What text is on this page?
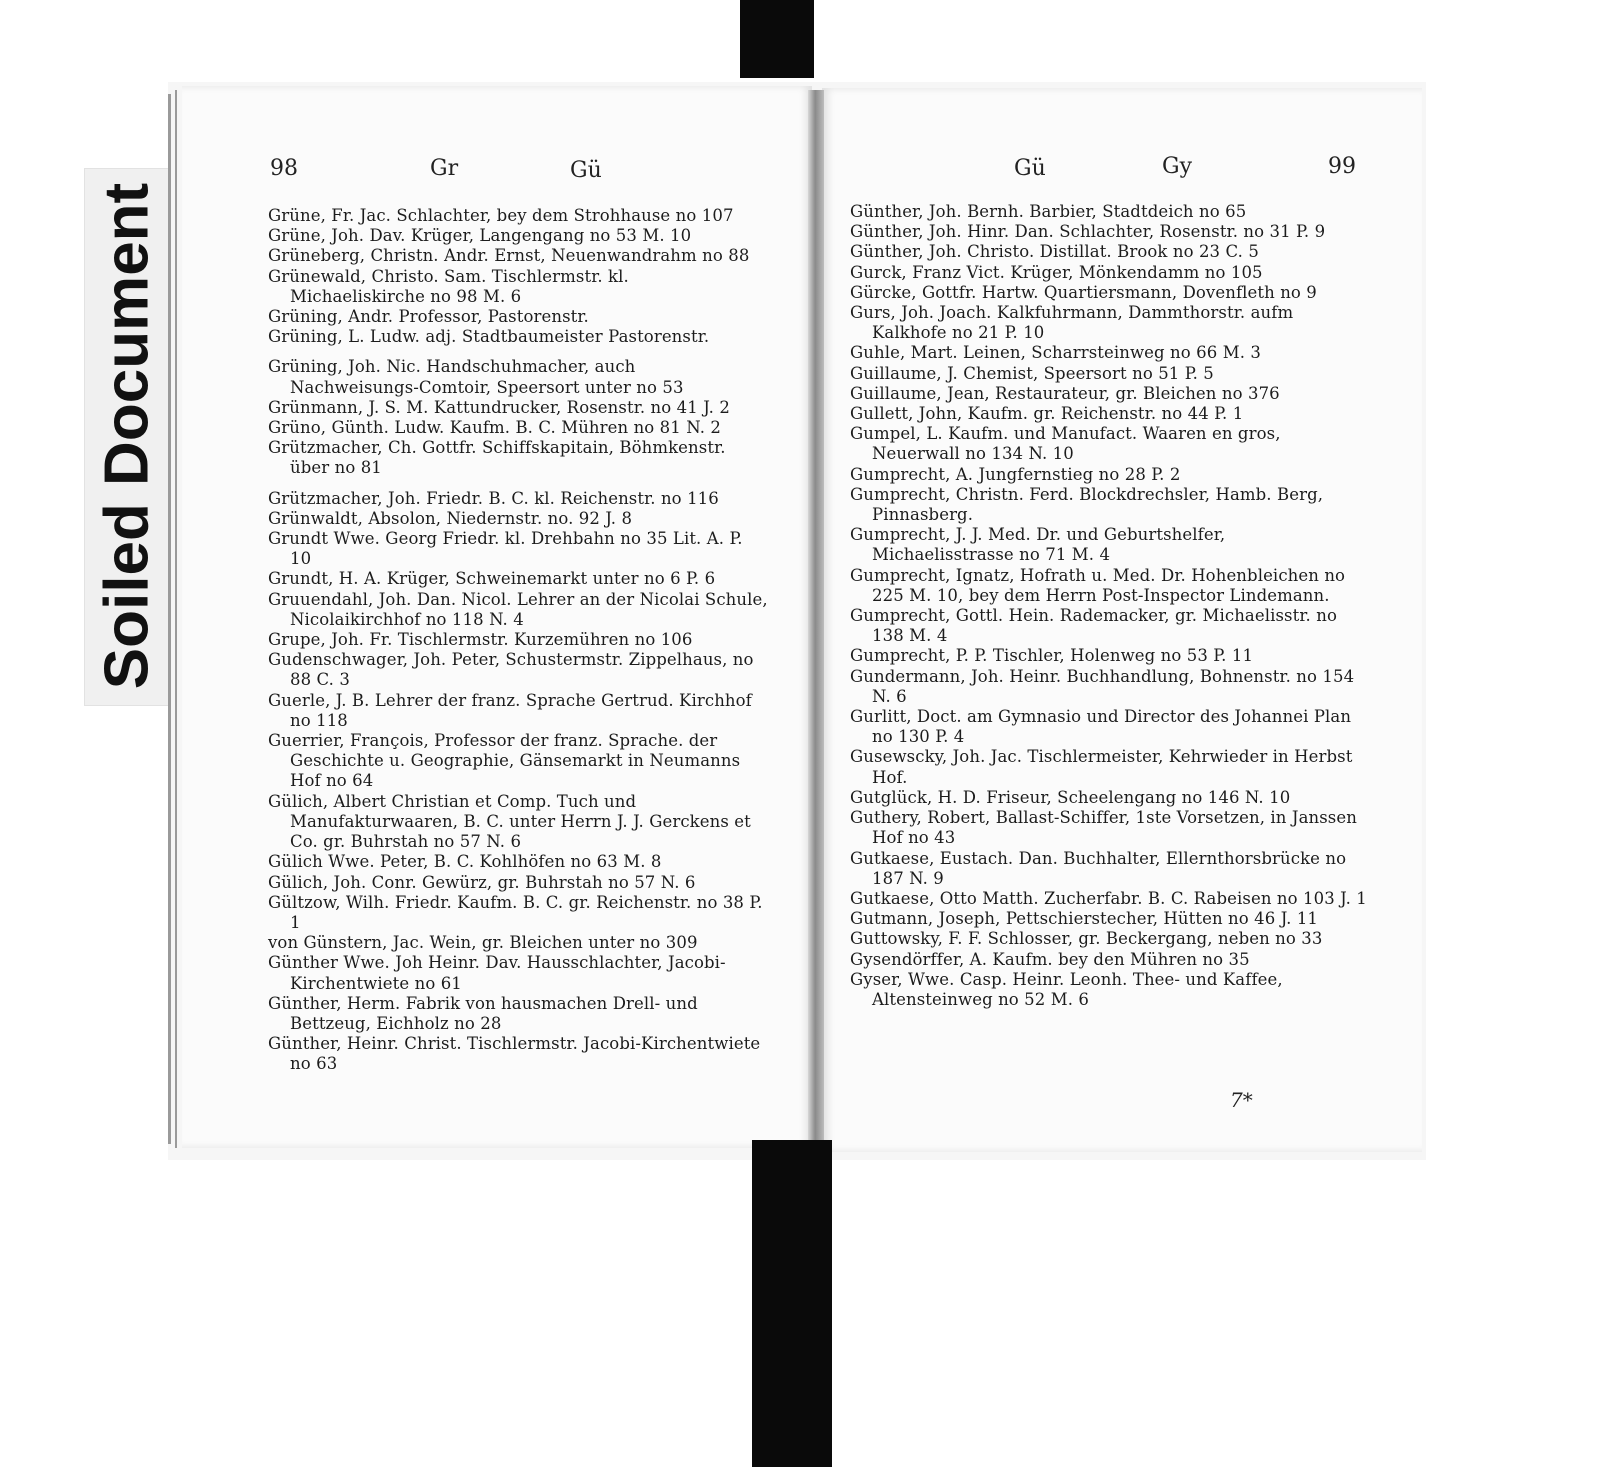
Soiled Document
98	Gr	Gü	Gü	Gy	99

Grüne, Fr. Jac. Schlachter, bey dem Strohhause no 107

Grüne, Joh. Dav. Krüger, Langengang no 53 M. 10

Grüneberg, Christn. Andr. Ernst, Neuenwandrahm no 88

Grünewald, Christo. Sam. Tischlermstr. kl. Michaeliskirche no 98 M. 6

Grüning, Andr. Professor, Pastorenstr.

Grüning, L. Ludw. adj. Stadtbaumeister Pastorenstr.

Grüning, Joh. Nic. Handschuhmacher, auch Nachweisungs-Comtoir, Speersort unter no 53

Grünmann, J. S. M. Kattundrucker, Rosenstr. no 41 J. 2

Grüno, Günth. Ludw. Kaufm. B. C. Mühren no 81 N. 2

Grützmacher, Ch. Gottfr. Schiffskapitain, Böhmkenstr. über no 81

Grützmacher, Joh. Friedr. B. C. kl. Reichenstr. no 116

Grünwaldt, Absolon, Niedernstr. no. 92 J. 8

Grundt Wwe. Georg Friedr. kl. Drehbahn no 35 Lit. A. P. 10

Grundt, H. A. Krüger, Schweinemarkt unter no 6 P. 6

Gruuendahl, Joh. Dan. Nicol. Lehrer an der Nicolai Schule, Nicolaikirchhof no 118 N. 4

Grupe, Joh. Fr. Tischlermstr. Kurzemühren no 106

Gudenschwager, Joh. Peter, Schustermstr. Zippelhaus, no 88 C. 3

Guerle, J. B. Lehrer der franz. Sprache Gertrud. Kirchhof no 118

Guerrier, François, Professor der franz. Sprache. der Geschichte u. Geographie, Gänsemarkt in Neumanns Hof no 64

Gülich, Albert Christian et Comp. Tuch und Manufakturwaaren, B. C. unter Herrn J. J. Gerckens et Co. gr. Buhrstah no 57 N. 6

Gülich Wwe. Peter, B. C. Kohlhöfen no 63 M. 8

Gülich, Joh. Conr. Gewürz, gr. Buhrstah no 57 N. 6

Gültzow, Wilh. Friedr. Kaufm. B. C. gr. Reichenstr. no 38 P. 1

von Günstern, Jac. Wein, gr. Bleichen unter no 309

Günther Wwe. Joh Heinr. Dav. Hausschlachter, Jacobi-Kirchentwiete no 61

Günther, Herm. Fabrik von hausmachen Drell- und Bettzeug, Eichholz no 28

Günther, Heinr. Christ. Tischlermstr. Jacobi-Kirchentwiete no 63

Günther, Joh. Bernh. Barbier, Stadtdeich no 65

Günther, Joh. Hinr. Dan. Schlachter, Rosenstr. no 31 P. 9

Günther, Joh. Christo. Distillat. Brook no 23 C. 5

Gurck, Franz Vict. Krüger, Mönkendamm no 105

Gürcke, Gottfr. Hartw. Quartiersmann, Dovenfleth no 9

Gurs, Joh. Joach. Kalkfuhrmann, Dammthorstr. aufm Kalkhofe no 21 P. 10

Guhle, Mart. Leinen, Scharrsteinweg no 66 M. 3

Guillaume, J. Chemist, Speersort no 51 P. 5

Guillaume, Jean, Restaurateur, gr. Bleichen no 376

Gullett, John, Kaufm. gr. Reichenstr. no 44 P. 1

Gumpel, L. Kaufm. und Manufact. Waaren en gros, Neuerwall no 134 N. 10

Gumprecht, A. Jungfernstieg no 28 P. 2

Gumprecht, Christn. Ferd. Blockdrechsler, Hamb. Berg, Pinnasberg.

Gumprecht, J. J. Med. Dr. und Geburtshelfer, Michaelisstrasse no 71 M. 4

Gumprecht, Ignatz, Hofrath u. Med. Dr. Hohenbleichen no 225 M. 10, bey dem Herrn Post-Inspector Lindemann.

Gumprecht, Gottl. Hein. Rademacker, gr. Michaelisstr. no 138 M. 4

Gumprecht, P. P. Tischler, Holenweg no 53 P. 11

Gundermann, Joh. Heinr. Buchhandlung, Bohnenstr. no 154 N. 6

Gurlitt, Doct. am Gymnasio und Director des Johannei Plan no 130 P. 4

Gusewscky, Joh. Jac. Tischlermeister, Kehrwieder in Herbst Hof.

Gutglück, H. D. Friseur, Scheelengang no 146 N. 10

Guthery, Robert, Ballast-Schiffer, 1ste Vorsetzen, in Janssen Hof no 43

Gutkaese, Eustach. Dan. Buchhalter, Ellernthorsbrücke no 187 N. 9

Gutkaese, Otto Matth. Zucherfabr. B. C. Rabeisen no 103 J. 1

Gutmann, Joseph, Pettschierstecher, Hütten no 46 J. 11

Guttowsky, F. F. Schlosser, gr. Beckergang, neben no 33

Gysendörffer, A. Kaufm. bey den Mühren no 35

Gyser, Wwe. Casp. Heinr. Leonh. Thee- und Kaffee, Altensteinweg no 52 M. 6

7*
